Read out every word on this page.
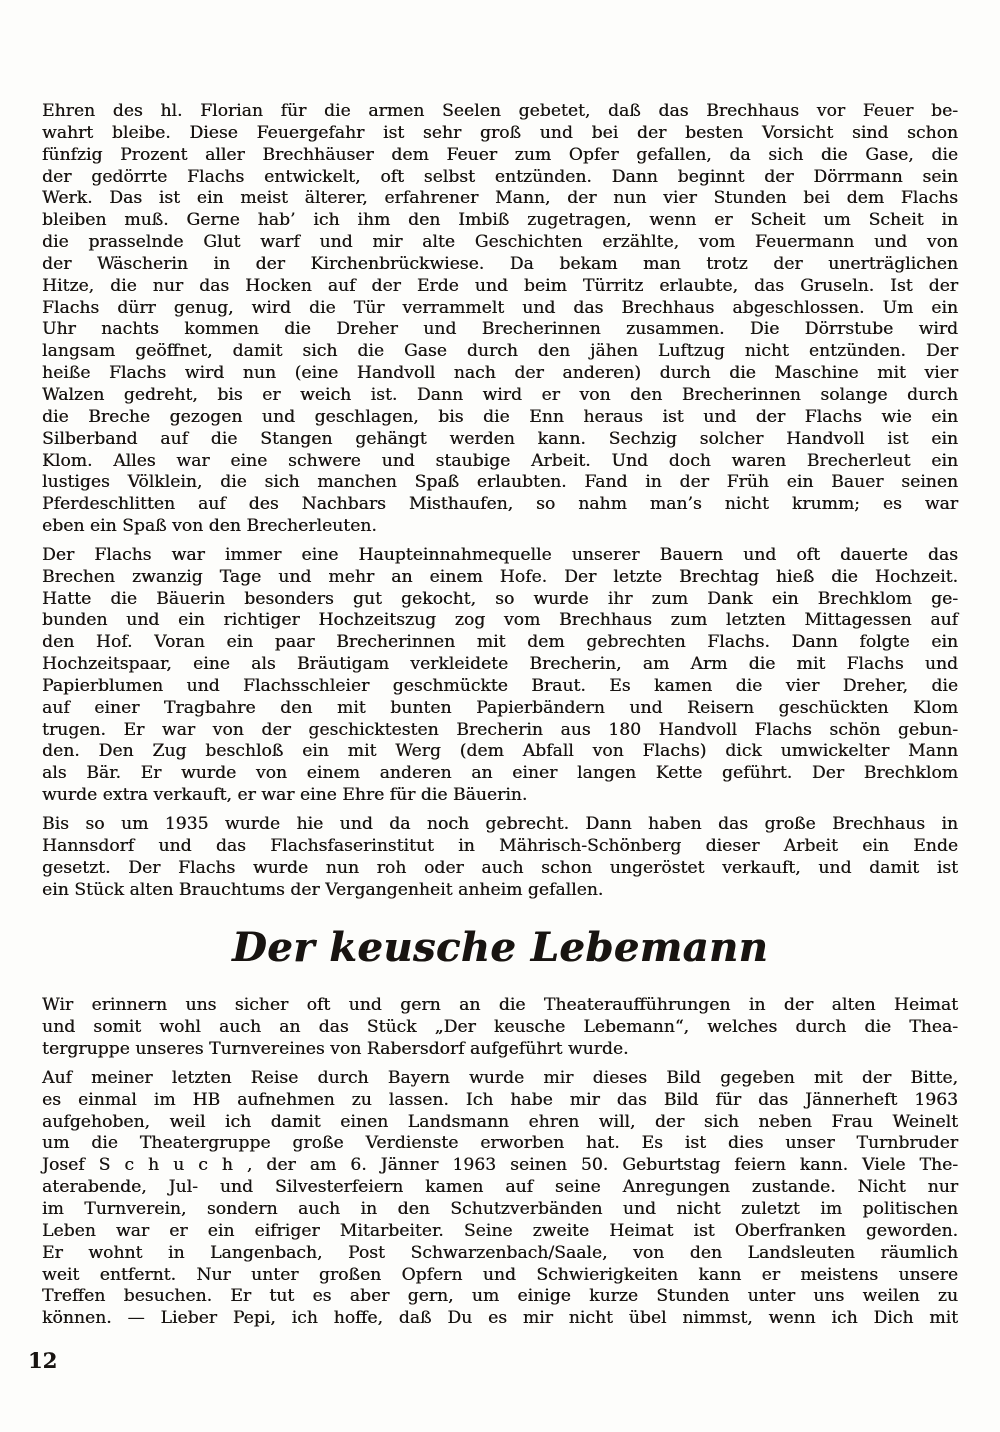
Ehren des hl. Florian für die armen Seelen gebetet, daß das Brechhaus vor Feuer be-
wahrt bleibe. Diese Feuergefahr ist sehr groß und bei der besten Vorsicht sind schon
fünfzig Prozent aller Brechhäuser dem Feuer zum Opfer gefallen, da sich die Gase, die
der gedörrte Flachs entwickelt, oft selbst entzünden. Dann beginnt der Dörrmann sein
Werk. Das ist ein meist älterer, erfahrener Mann, der nun vier Stunden bei dem Flachs
bleiben muß. Gerne hab’ ich ihm den Imbiß zugetragen, wenn er Scheit um Scheit in
die prasselnde Glut warf und mir alte Geschichten erzählte, vom Feuermann und von
der Wäscherin in der Kirchenbrückwiese. Da bekam man trotz der unerträglichen
Hitze, die nur das Hocken auf der Erde und beim Türritz erlaubte, das Gruseln. Ist der
Flachs dürr genug, wird die Tür verrammelt und das Brechhaus abgeschlossen. Um ein
Uhr nachts kommen die Dreher und Brecherinnen zusammen. Die Dörrstube wird
langsam geöffnet, damit sich die Gase durch den jähen Luftzug nicht entzünden. Der
heiße Flachs wird nun (eine Handvoll nach der anderen) durch die Maschine mit vier
Walzen gedreht, bis er weich ist. Dann wird er von den Brecherinnen solange durch
die Breche gezogen und geschlagen, bis die Enn heraus ist und der Flachs wie ein
Silberband auf die Stangen gehängt werden kann. Sechzig solcher Handvoll ist ein
Klom. Alles war eine schwere und staubige Arbeit. Und doch waren Brecherleut ein
lustiges Völklein, die sich manchen Spaß erlaubten. Fand in der Früh ein Bauer seinen
Pferdeschlitten auf des Nachbars Misthaufen, so nahm man’s nicht krumm; es war
eben ein Spaß von den Brecherleuten.

Der Flachs war immer eine Haupteinnahmequelle unserer Bauern und oft dauerte das
Brechen zwanzig Tage und mehr an einem Hofe. Der letzte Brechtag hieß die Hochzeit.
Hatte die Bäuerin besonders gut gekocht, so wurde ihr zum Dank ein Brechklom ge-
bunden und ein richtiger Hochzeitszug zog vom Brechhaus zum letzten Mittagessen auf
den Hof. Voran ein paar Brecherinnen mit dem gebrechten Flachs. Dann folgte ein
Hochzeitspaar, eine als Bräutigam verkleidete Brecherin, am Arm die mit Flachs und
Papierblumen und Flachsschleier geschmückte Braut. Es kamen die vier Dreher, die
auf einer Tragbahre den mit bunten Papierbändern und Reisern geschückten Klom
trugen. Er war von der geschicktesten Brecherin aus 180 Handvoll Flachs schön gebun-
den. Den Zug beschloß ein mit Werg (dem Abfall von Flachs) dick umwickelter Mann
als Bär. Er wurde von einem anderen an einer langen Kette geführt. Der Brechklom
wurde extra verkauft, er war eine Ehre für die Bäuerin.

Bis so um 1935 wurde hie und da noch gebrecht. Dann haben das große Brechhaus in
Hannsdorf und das Flachsfaserinstitut in Mährisch-Schönberg dieser Arbeit ein Ende
gesetzt. Der Flachs wurde nun roh oder auch schon ungeröstet verkauft, und damit ist
ein Stück alten Brauchtums der Vergangenheit anheim gefallen.

Der keusche Lebemann

Wir erinnern uns sicher oft und gern an die Theateraufführungen in der alten Heimat
und somit wohl auch an das Stück „Der keusche Lebemann“, welches durch die Thea-
tergruppe unseres Turnvereines von Rabersdorf aufgeführt wurde.

Auf meiner letzten Reise durch Bayern wurde mir dieses Bild gegeben mit der Bitte,
es einmal im HB aufnehmen zu lassen. Ich habe mir das Bild für das Jännerheft 1963
aufgehoben, weil ich damit einen Landsmann ehren will, der sich neben Frau Weinelt
um die Theatergruppe große Verdienste erworben hat. Es ist dies unser Turnbruder
Josef S c h u c h , der am 6. Jänner 1963 seinen 50. Geburtstag feiern kann. Viele The-
aterabende, Jul- und Silvesterfeiern kamen auf seine Anregungen zustande. Nicht nur
im Turnverein, sondern auch in den Schutzverbänden und nicht zuletzt im politischen
Leben war er ein eifriger Mitarbeiter. Seine zweite Heimat ist Oberfranken geworden.
Er wohnt in Langenbach, Post Schwarzenbach/Saale, von den Landsleuten räumlich
weit entfernt. Nur unter großen Opfern und Schwierigkeiten kann er meistens unsere
Treffen besuchen. Er tut es aber gern, um einige kurze Stunden unter uns weilen zu
können. — Lieber Pepi, ich hoffe, daß Du es mir nicht übel nimmst, wenn ich Dich mit

12
